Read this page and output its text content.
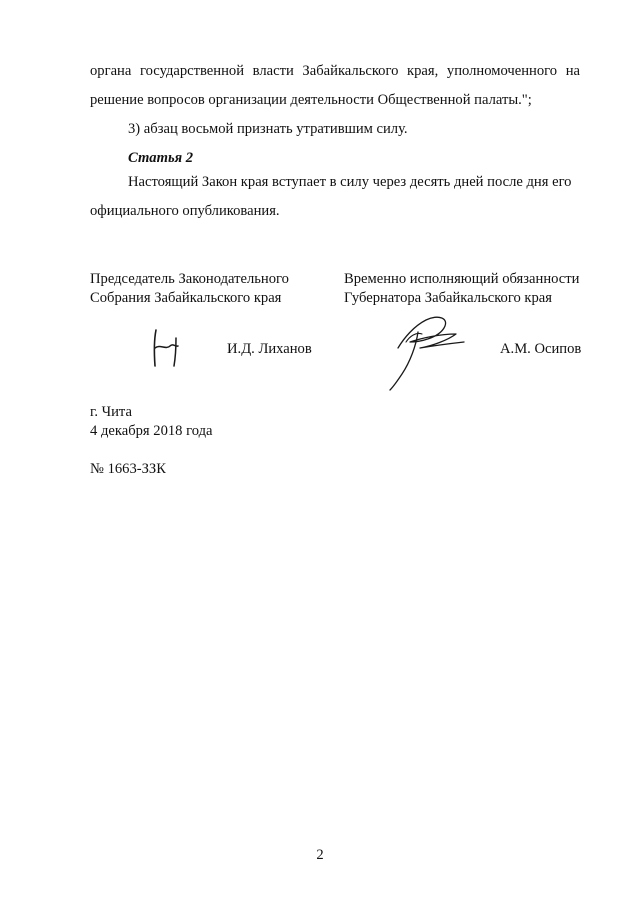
органа государственной власти Забайкальского края, уполномоченного на
решение вопросов организации деятельности Общественной палаты.";
3) абзац восьмой признать утратившим силу.
Статья 2
Настоящий Закон края вступает в силу через десять дней после дня его
официального опубликования.
Председатель Законодательного
Собрания Забайкальского края
И.Д. Лиханов
Временно исполняющий обязанности
Губернатора Забайкальского края
А.М. Осипов
г. Чита
4 декабря 2018 года
№ 1663-ЗЗК
2
